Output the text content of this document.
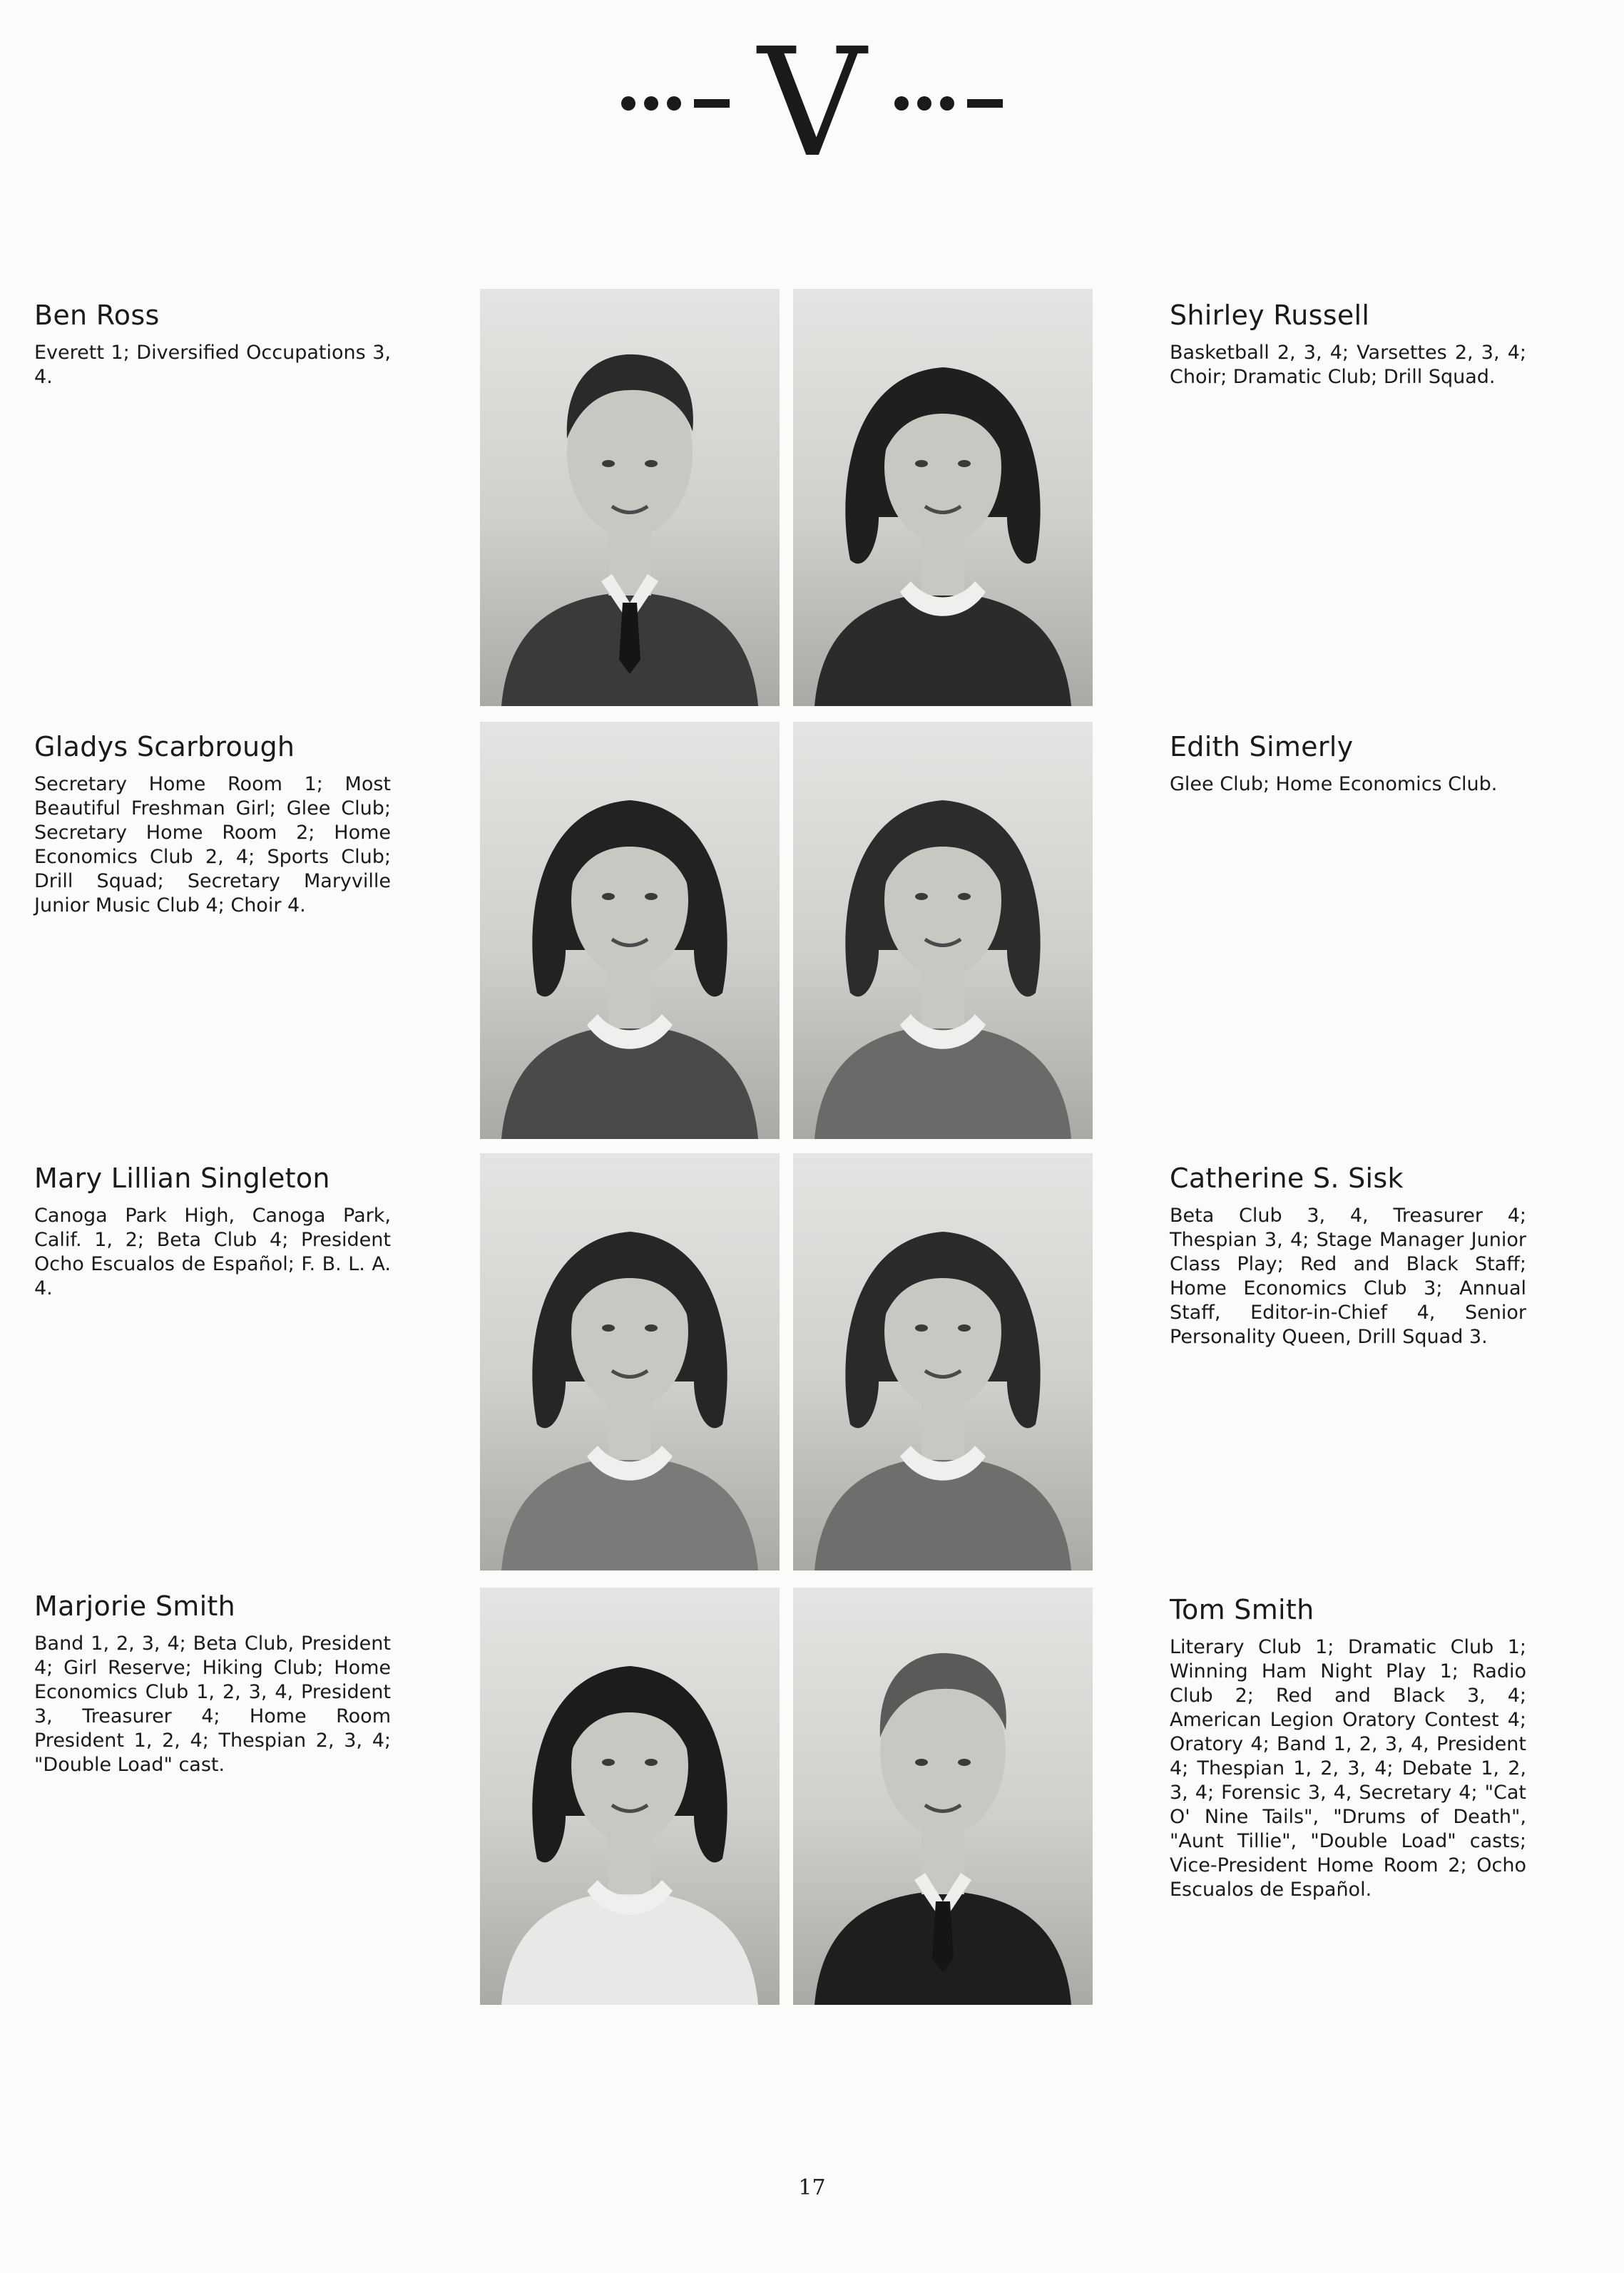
V
Ben Ross

Everett 1; Diversified Occupations 3, 4.

Shirley Russell

Basketball 2, 3, 4; Varsettes 2, 3, 4; Choir; Dramatic Club; Drill Squad.

Gladys Scarbrough

Secretary Home Room 1; Most Beautiful Freshman Girl; Glee Club; Secretary Home Room 2; Home Economics Club 2, 4; Sports Club; Drill Squad; Secretary Maryville Junior Music Club 4; Choir 4.

Edith Simerly

Glee Club; Home Economics Club.

Mary Lillian Singleton

Canoga Park High, Canoga Park, Calif. 1, 2; Beta Club 4; President Ocho Escualos de Español; F. B. L. A. 4.

Catherine S. Sisk

Beta Club 3, 4, Treasurer 4; Thespian 3, 4; Stage Manager Junior Class Play; Red and Black Staff; Home Economics Club 3; Annual Staff, Editor-in-Chief 4, Senior Personality Queen, Drill Squad 3.

Marjorie Smith

Band 1, 2, 3, 4; Beta Club, President 4; Girl Reserve; Hiking Club; Home Economics Club 1, 2, 3, 4, President 3, Treasurer 4; Home Room President 1, 2, 4; Thespian 2, 3, 4; "Double Load" cast.

Tom Smith

Literary Club 1; Dramatic Club 1; Winning Ham Night Play 1; Radio Club 2; Red and Black 3, 4; American Legion Oratory Contest 4; Oratory 4; Band 1, 2, 3, 4, President 4; Thespian 1, 2, 3, 4; Debate 1, 2, 3, 4; Forensic 3, 4, Secretary 4; "Cat O' Nine Tails", "Drums of Death", "Aunt Tillie", "Double Load" casts; Vice-President Home Room 2; Ocho Escualos de Español.

17
